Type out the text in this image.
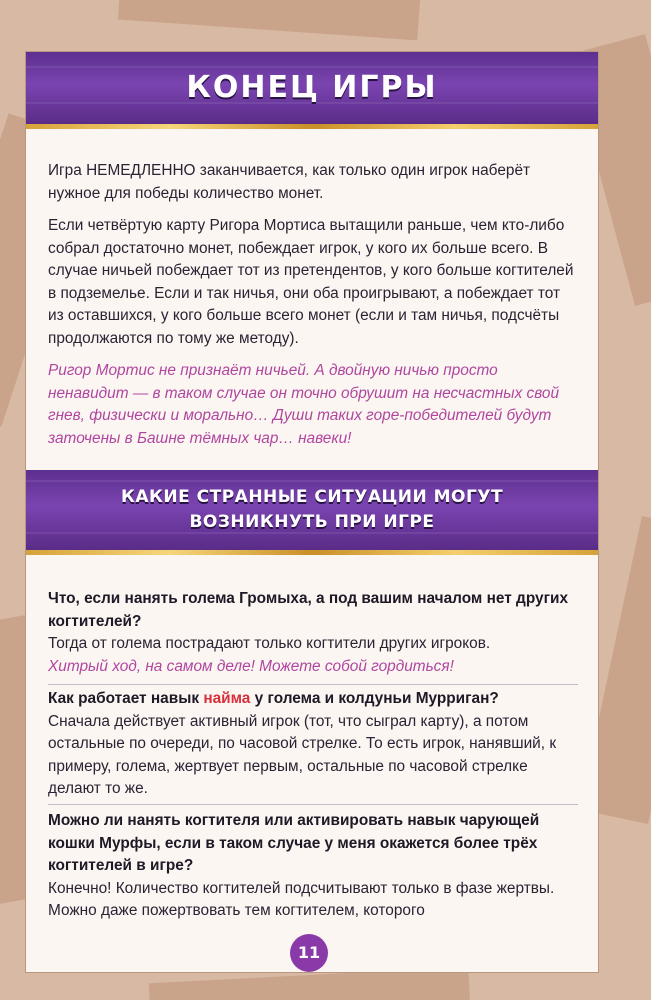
КОНЕЦ ИГРЫ

Игра НЕМЕДЛЕННО заканчивается, как только один игрок наберёт нужное для победы количество монет.

Если четвёртую карту Ригора Мортиса вытащили раньше, чем кто-либо собрал достаточно монет, побеждает игрок, у кого их больше всего. В случае ничьей побеждает тот из претендентов, у кого больше когтителей в подземелье. Если и так ничья, они оба проигрывают, а побеждает тот из оставшихся, у кого больше всего монет (если и там ничья, подсчёты продолжаются по тому же методу).

Ригор Мортис не признаёт ничьей. А двойную ничью просто ненавидит — в таком случае он точно обрушит на несчастных свой гнев, физически и морально… Души таких горе-победителей будут заточены в Башне тёмных чар… навеки!

КАКИЕ СТРАННЫЕ СИТУАЦИИ МОГУТ
ВОЗНИКНУТЬ ПРИ ИГРЕ

Что, если нанять голема Громыха, а под вашим началом нет других когтителей?

Тогда от голема пострадают только когтители других игроков.

Хитрый ход, на самом деле! Можете собой гордиться!

Как работает навык найма у голема и колдуньи Мурриган?

Сначала действует активный игрок (тот, что сыграл карту), а потом остальные по очереди, по часовой стрелке. То есть игрок, нанявший, к примеру, голема, жертвует первым, остальные по часовой стрелке делают то же.

Можно ли нанять когтителя или активировать навык чарующей кошки Мурфы, если в таком случае у меня окажется более трёх когтителей в игре?

Конечно! Количество когтителей подсчитывают только в фазе жертвы. Можно даже пожертвовать тем когтителем, которого

11
